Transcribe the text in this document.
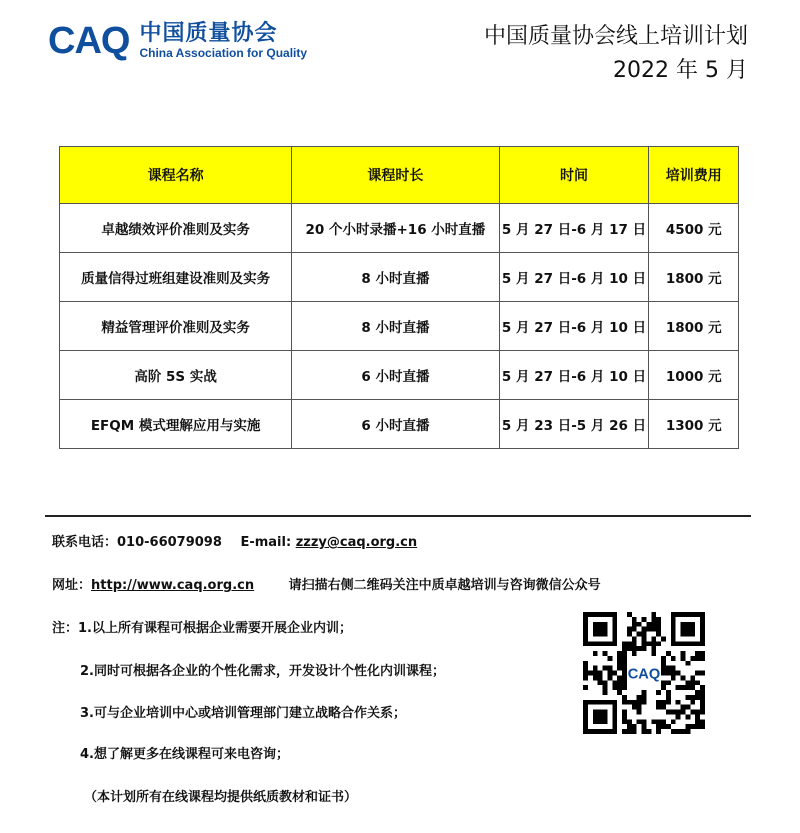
CAQ 中国质量协会
China Association for Quality
中国质量协会线上培训计划
2022 年 5 月
课程名称	课程时长	时间	培训费用
卓越绩效评价准则及实务	20 个小时录播+16 小时直播	5 月 27 日-6 月 17 日	4500 元
质量信得过班组建设准则及实务	8 小时直播	5 月 27 日-6 月 10 日	1800 元
精益管理评价准则及实务	8 小时直播	5 月 27 日-6 月 10 日	1800 元
高阶 5S 实战	6 小时直播	5 月 27 日-6 月 10 日	1000 元
EFQM 模式理解应用与实施	6 小时直播	5 月 23 日-5 月 26 日	1300 元
联系电话：010-66079098 E-mail: zzzy@caq.org.cn
网址：http://www.caq.org.cn	请扫描右侧二维码关注中质卓越培训与咨询微信公众号
注：1.以上所有课程可根据企业需要开展企业内训；
2.同时可根据各企业的个性化需求，开发设计个性化内训课程；
3.可与企业培训中心或培训管理部门建立战略合作关系；
4.想了解更多在线课程可来电咨询；
（本计划所有在线课程均提供纸质教材和证书）
CAQ
